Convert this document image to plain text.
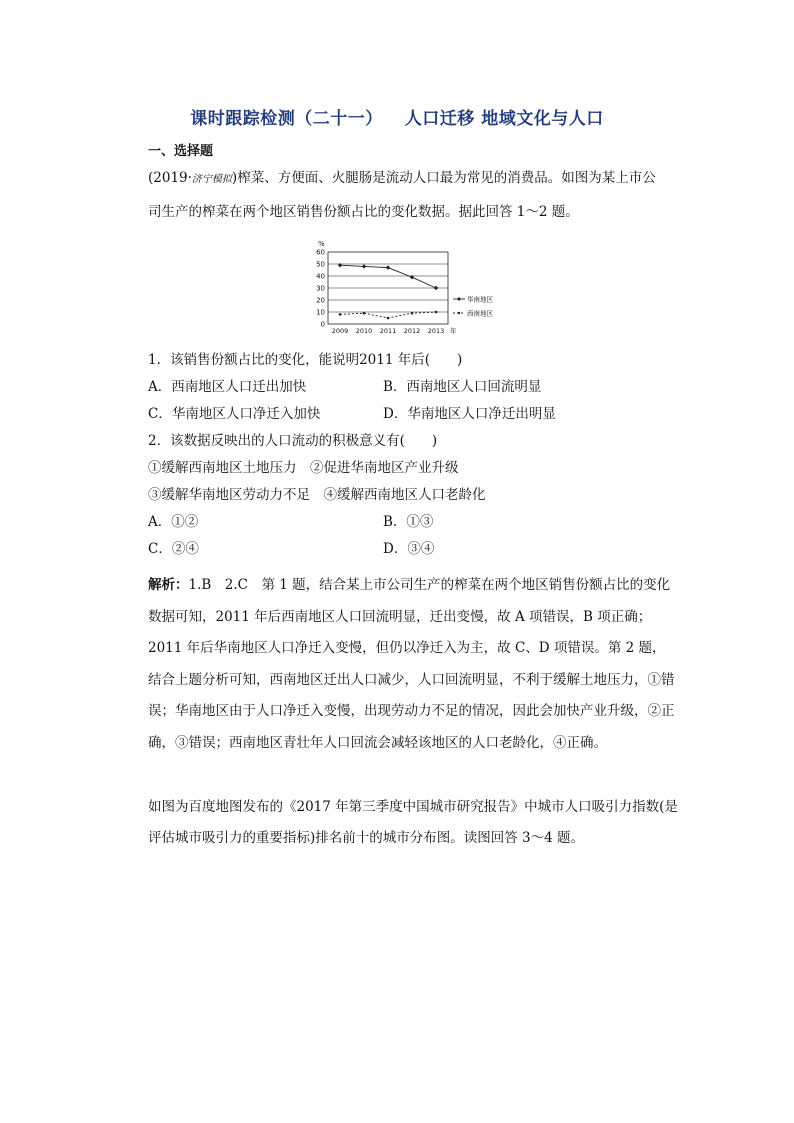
课时跟踪检测（二十一） 人口迁移 地域文化与人口
一、选择题
(2019·济宁模拟)榨菜、方便面、火腿肠是流动人口最为常见的消费品。如图为某上市公司生产的榨菜在两个地区销售份额占比的变化数据。据此回答 1～2 题。
0
10
20
30
40
50
60
%
2009 2010 2011 2012 2013 年
华南地区
西南地区
1．该销售份额占比的变化，能说明2011 年后(　　)
A．西南地区人口迁出加快	B．西南地区人口回流明显
C．华南地区人口净迁入加快	D．华南地区人口净迁出明显
2．该数据反映出的人口流动的积极意义有(　　)
①缓解西南地区土地压力　②促进华南地区产业升级
③缓解华南地区劳动力不足　④缓解西南地区人口老龄化
A．①②	B．①③
C．②④	D．③④
解析：1.B　2.C　第 1 题，结合某上市公司生产的榨菜在两个地区销售份额占比的变化数据可知，2011 年后西南地区人口回流明显，迁出变慢，故 A 项错误，B 项正确；2011 年后华南地区人口净迁入变慢，但仍以净迁入为主，故 C、D 项错误。第 2 题，结合上题分析可知，西南地区迁出人口减少，人口回流明显，不利于缓解土地压力，①错误；华南地区由于人口净迁入变慢，出现劳动力不足的情况，因此会加快产业升级，②正确，③错误；西南地区青壮年人口回流会减轻该地区的人口老龄化，④正确。
如图为百度地图发布的《2017 年第三季度中国城市研究报告》中城市人口吸引力指数(是评估城市吸引力的重要指标)排名前十的城市分布图。读图回答 3～4 题。
